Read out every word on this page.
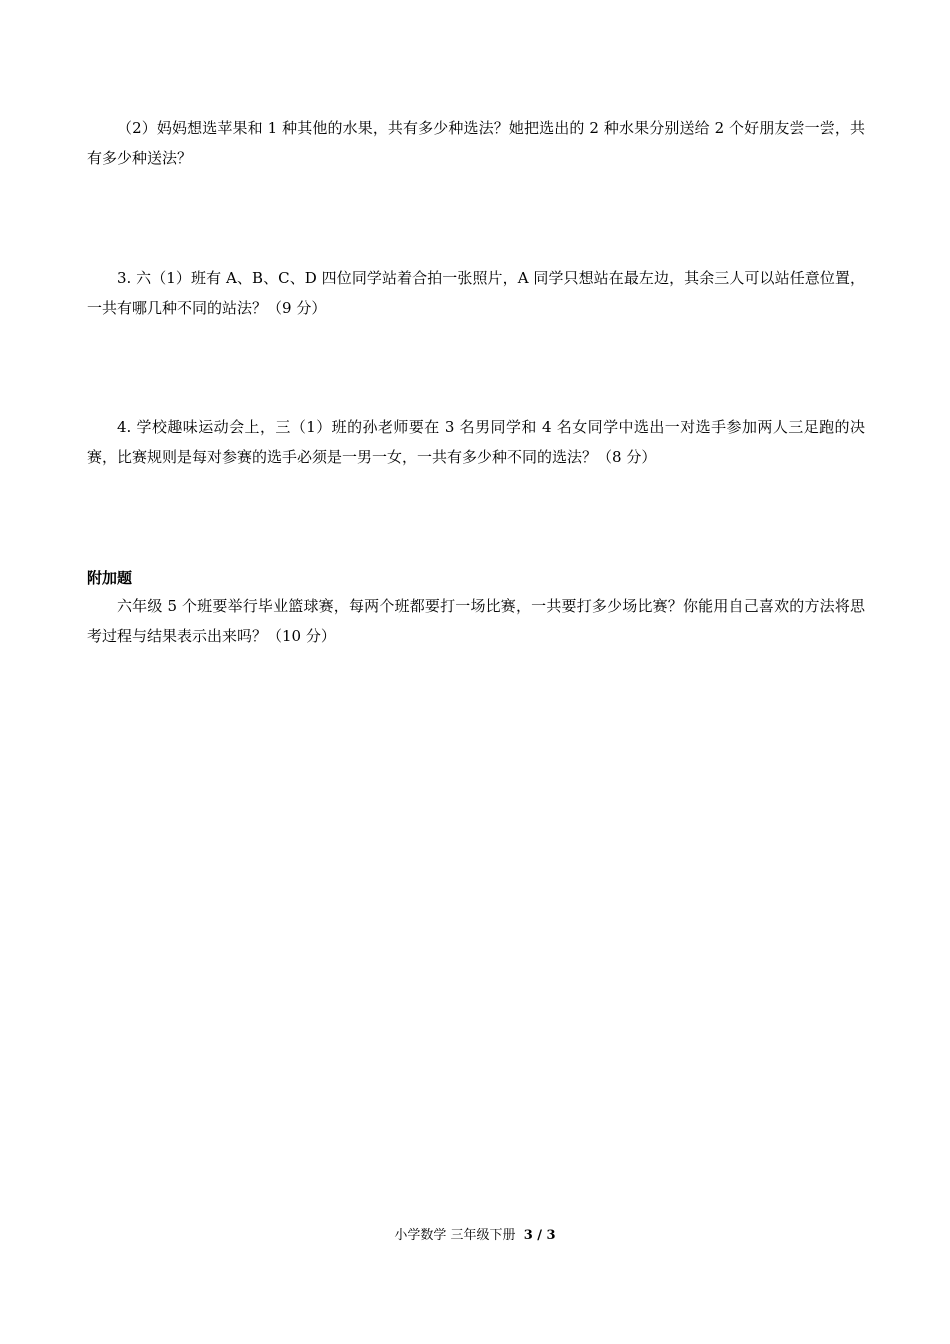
（2）妈妈想选苹果和 1 种其他的水果，共有多少种选法？她把选出的 2 种水果分别送给 2 个好朋友尝一尝，共有多少种送法？

3. 六（1）班有 A、B、C、D 四位同学站着合拍一张照片，A 同学只想站在最左边，其余三人可以站任意位置，一共有哪几种不同的站法？（9 分）

4. 学校趣味运动会上，三（1）班的孙老师要在 3 名男同学和 4 名女同学中选出一对选手参加两人三足跑的决赛，比赛规则是每对参赛的选手必须是一男一女，一共有多少种不同的选法？（8 分）

附加题

六年级 5 个班要举行毕业篮球赛，每两个班都要打一场比赛，一共要打多少场比赛？你能用自己喜欢的方法将思考过程与结果表示出来吗？（10 分）

小学数学 三年级下册 3 / 3
